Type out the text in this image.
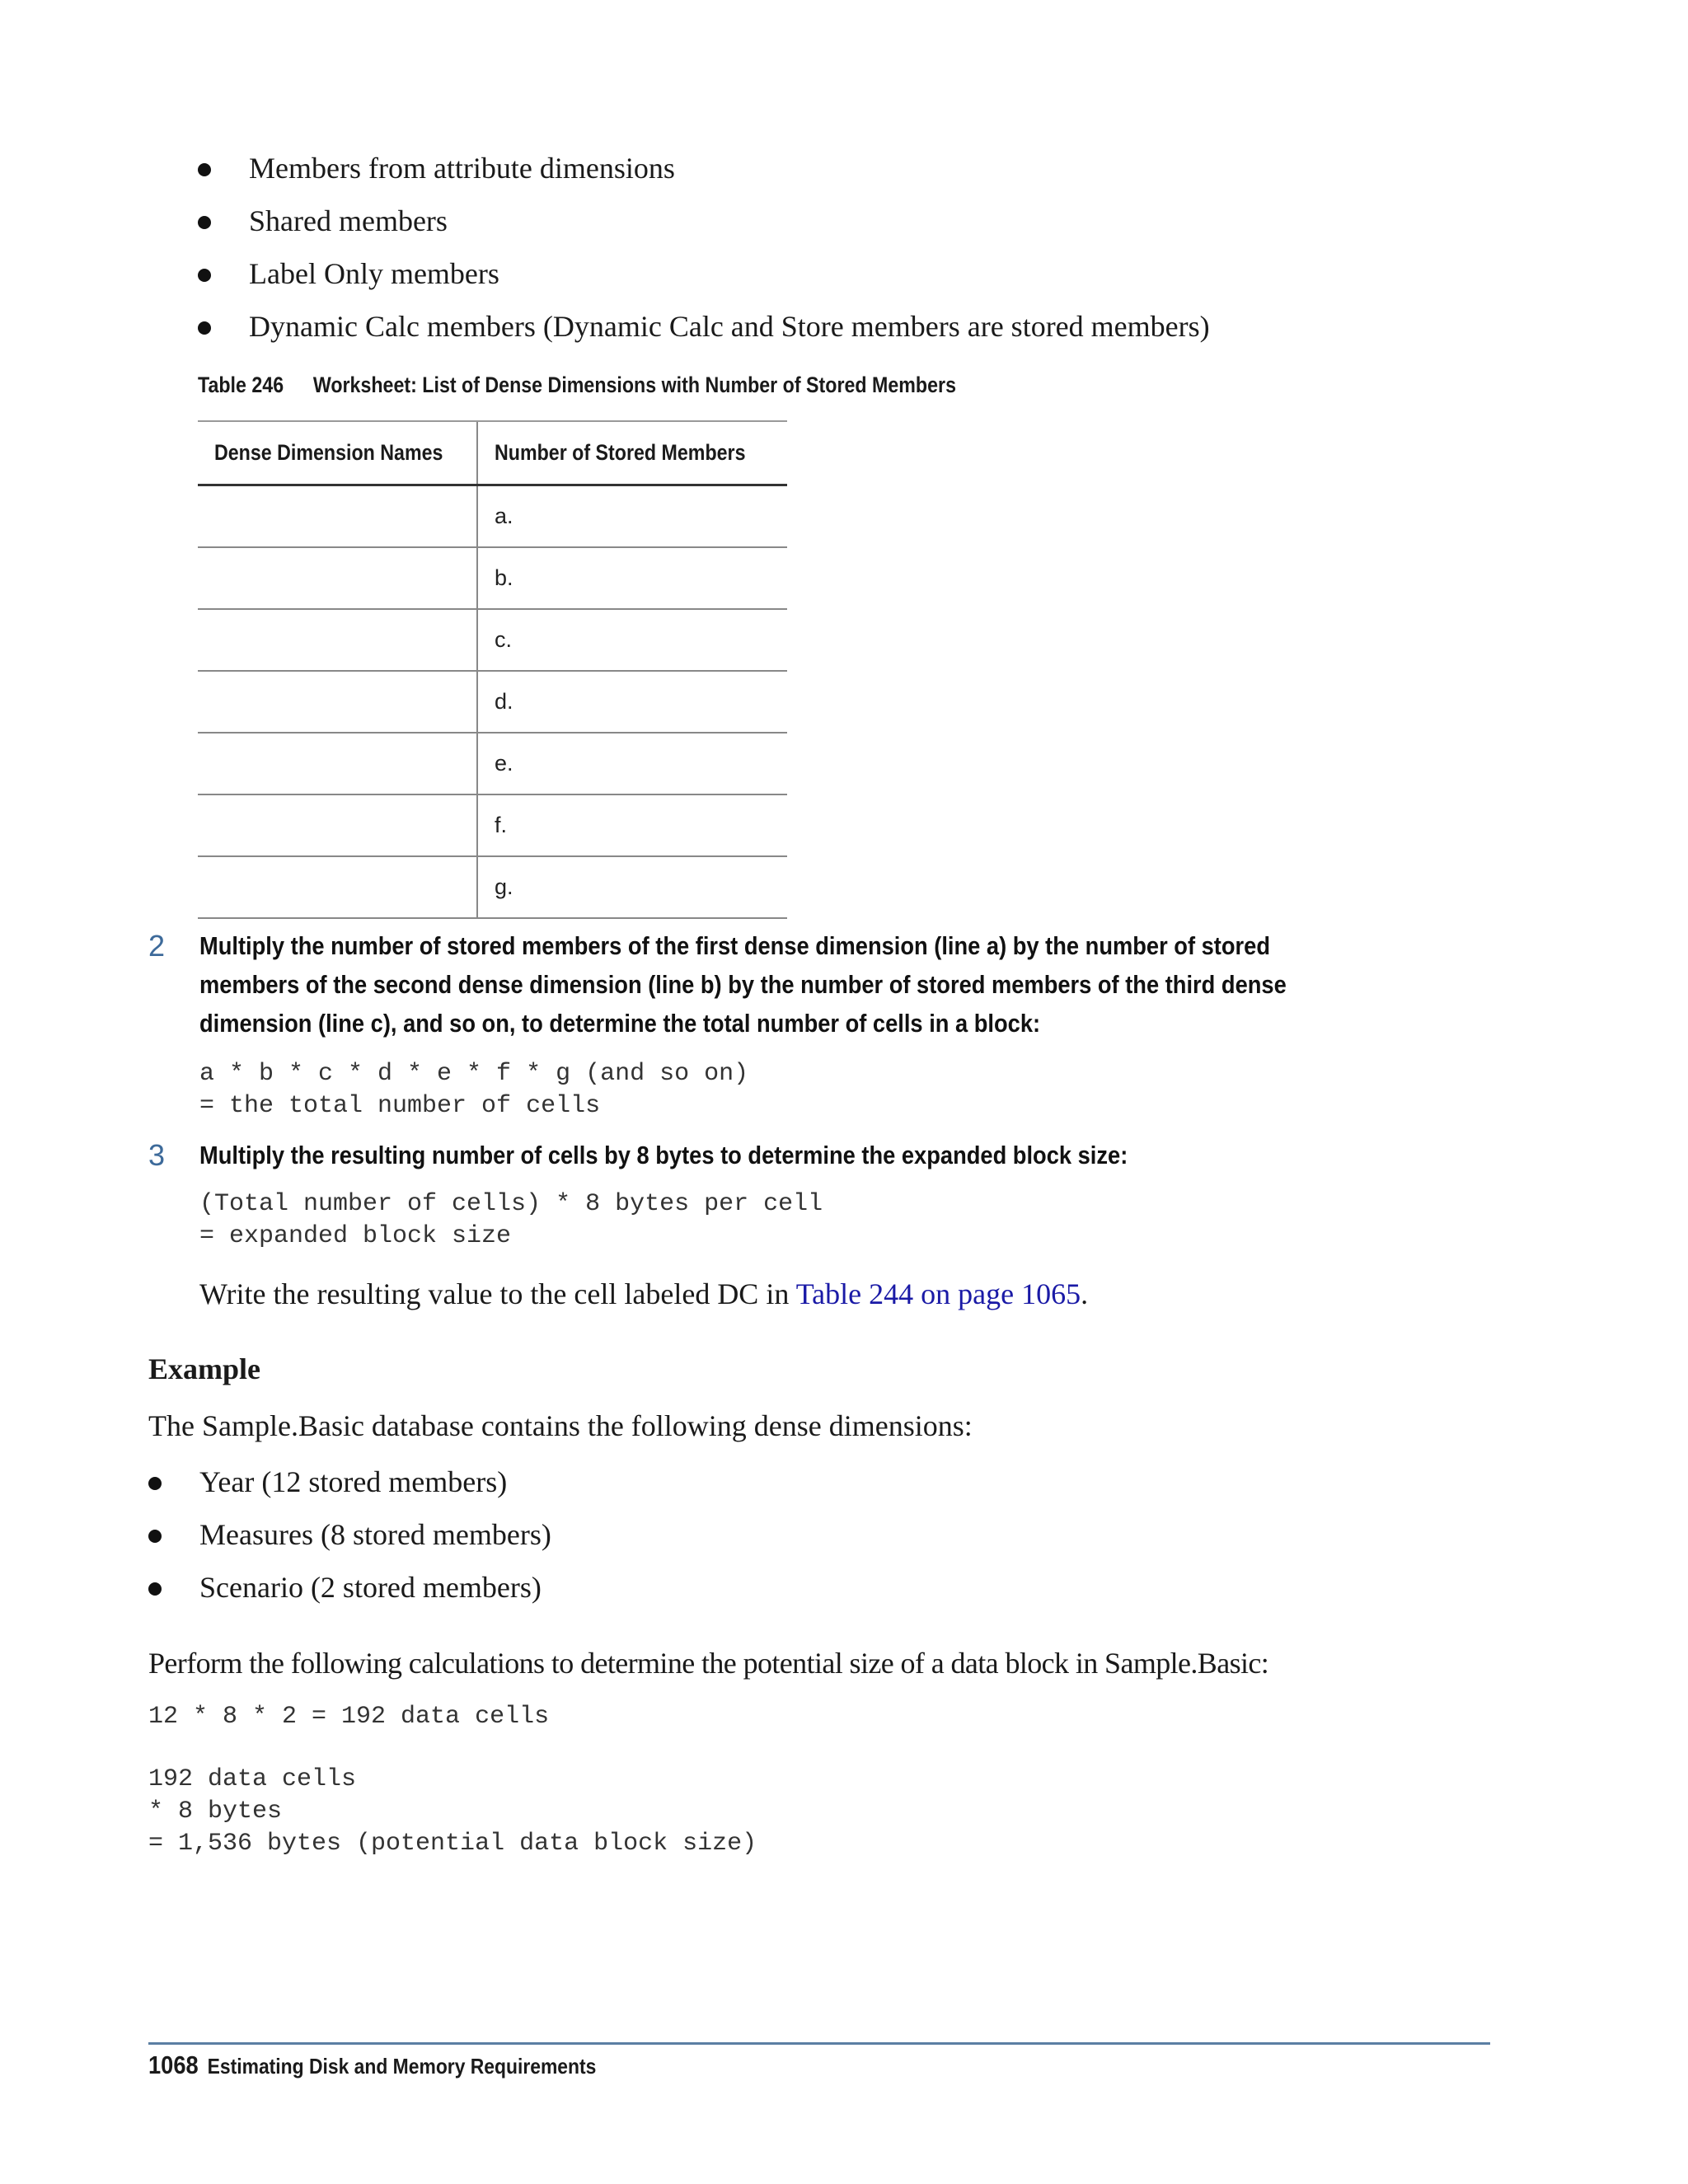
Members from attribute dimensions
Shared members
Label Only members
Dynamic Calc members (Dynamic Calc and Store members are stored members)
Table 246 Worksheet: List of Dense Dimensions with Number of Stored Members
Dense Dimension Names	Number of Stored Members
a.
b.
c.
d.
e.
f.
g.
2 Multiply the number of stored members of the first dense dimension (line a) by the number of stored members of the second dense dimension (line b) by the number of stored members of the third dense dimension (line c), and so on, to determine the total number of cells in a block:
a * b * c * d * e * f * g (and so on)
= the total number of cells
3 Multiply the resulting number of cells by 8 bytes to determine the expanded block size:
(Total number of cells) * 8 bytes per cell
= expanded block size
Write the resulting value to the cell labeled DC in Table 244 on page 1065.
Example
The Sample.Basic database contains the following dense dimensions:
Year (12 stored members)
Measures (8 stored members)
Scenario (2 stored members)
Perform the following calculations to determine the potential size of a data block in Sample.Basic:
12 * 8 * 2 = 192 data cells
192 data cells
* 8 bytes
= 1,536 bytes (potential data block size)
1068 Estimating Disk and Memory Requirements
